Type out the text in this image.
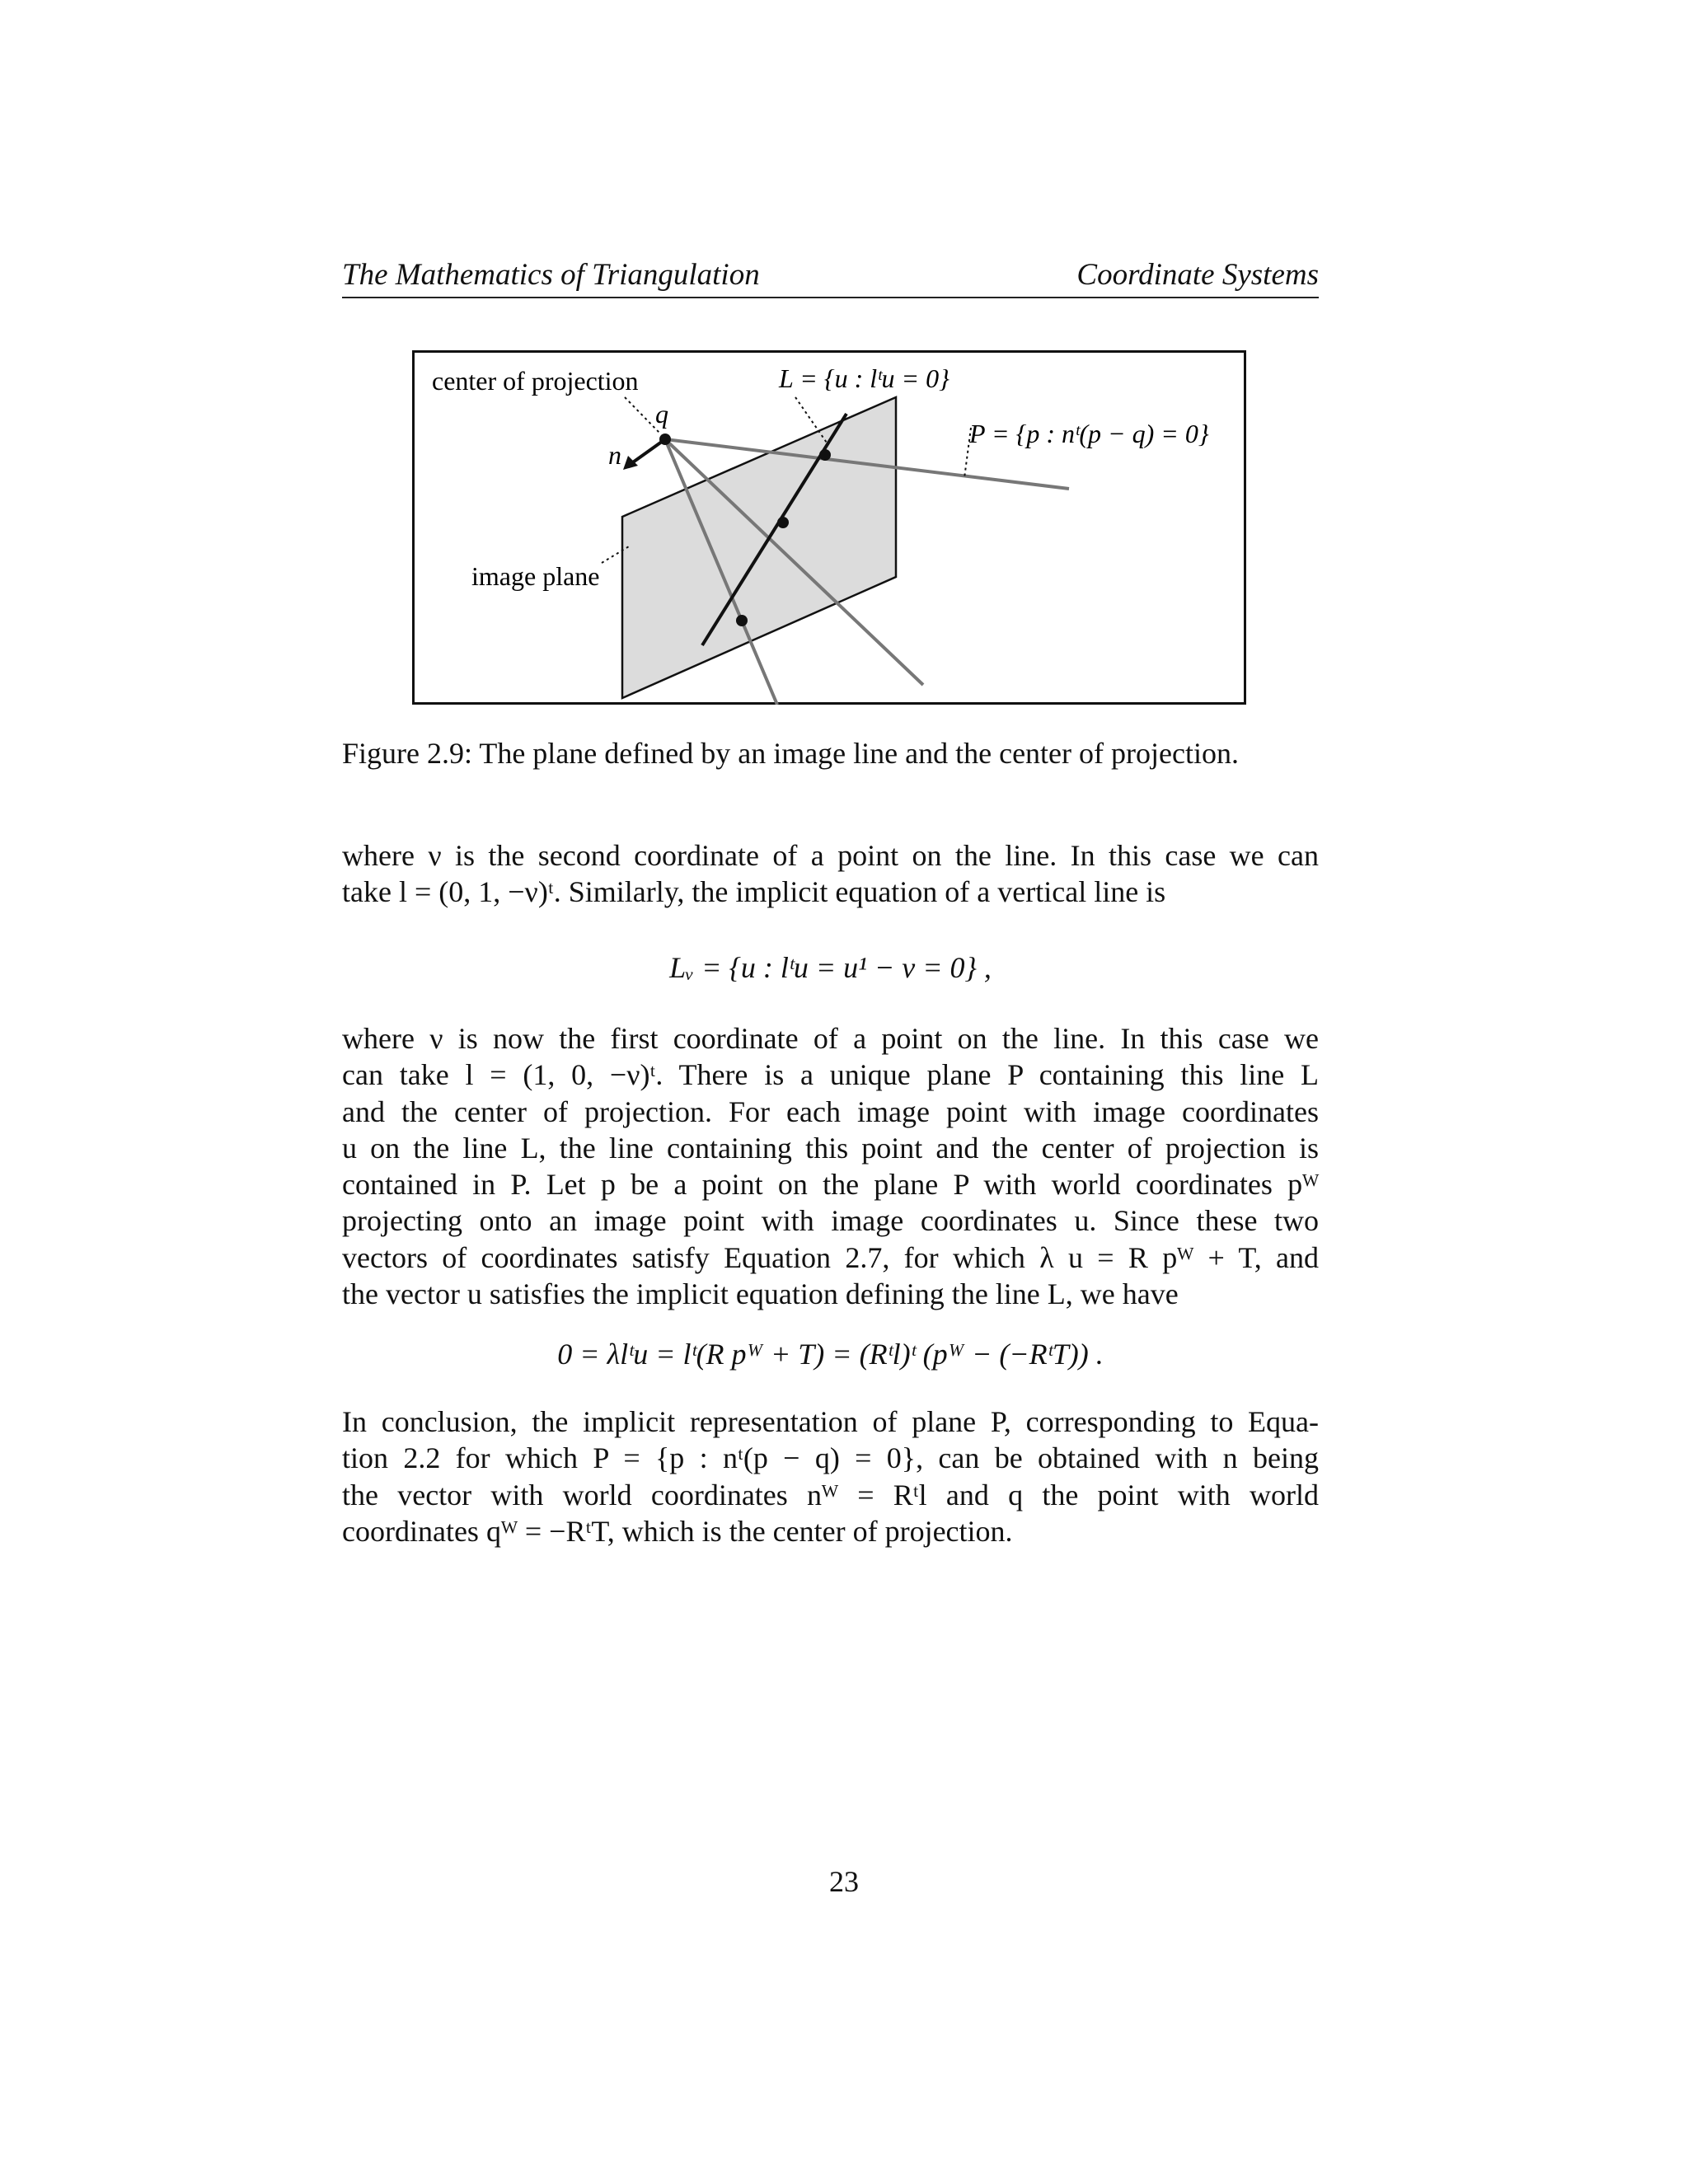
The Mathematics of Triangulation	Coordinate Systems
center of projection
q
n
L = {u : lᵗu = 0}
P = {p : nᵗ(p − q) = 0}
image plane
Figure 2.9: The plane defined by an image line and the center of projection.
where ν is the second coordinate of a point on the line. In this case we can
take l = (0, 1, −ν)ᵗ. Similarly, the implicit equation of a vertical line is
Lᵥ = {u : lᵗu = u¹ − ν = 0} ,
where ν is now the first coordinate of a point on the line. In this case we
can take l = (1, 0, −ν)ᵗ. There is a unique plane P containing this line L
and the center of projection. For each image point with image coordinates
u on the line L, the line containing this point and the center of projection is
contained in P. Let p be a point on the plane P with world coordinates pᵂ
projecting onto an image point with image coordinates u. Since these two
vectors of coordinates satisfy Equation 2.7, for which λ u = R pᵂ + T, and
the vector u satisfies the implicit equation defining the line L, we have
0 = λlᵗu = lᵗ(R pᵂ + T) = (Rᵗl)ᵗ (pᵂ − (−RᵗT)) .
In conclusion, the implicit representation of plane P, corresponding to Equa-
tion 2.2 for which P = {p : nᵗ(p − q) = 0}, can be obtained with n being
the vector with world coordinates nᵂ = Rᵗl and q the point with world
coordinates qᵂ = −RᵗT, which is the center of projection.
23
